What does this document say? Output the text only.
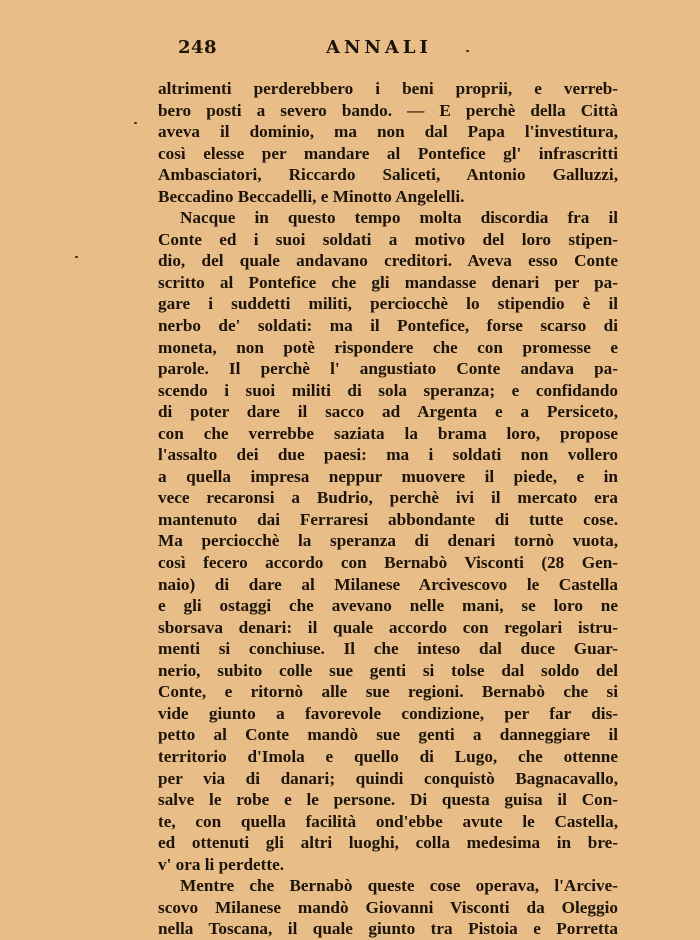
248	ANNALI
altrimenti perderebbero i beni proprii, e verreb-
bero posti a severo bando. — E perchè della Città
aveva il dominio, ma non dal Papa l'investitura,
così elesse per mandare al Pontefice gl' infrascritti
Ambasciatori, Riccardo Saliceti, Antonio Galluzzi,
Beccadino Beccadelli, e Minotto Angelelli.
Nacque in questo tempo molta discordia fra il
Conte ed i suoi soldati a motivo del loro stipen-
dio, del quale andavano creditori. Aveva esso Conte
scritto al Pontefice che gli mandasse denari per pa-
gare i suddetti militi, perciocchè lo stipendio è il
nerbo de' soldati: ma il Pontefice, forse scarso di
moneta, non potè rispondere che con promesse e
parole. Il perchè l' angustiato Conte andava pa-
scendo i suoi militi di sola speranza; e confidando
di poter dare il sacco ad Argenta e a Persiceto,
con che verrebbe saziata la brama loro, propose
l'assalto dei due paesi: ma i soldati non vollero
a quella impresa neppur muovere il piede, e in
vece recaronsi a Budrio, perchè ivi il mercato era
mantenuto dai Ferraresi abbondante di tutte cose.
Ma perciocchè la speranza di denari tornò vuota,
così fecero accordo con Bernabò Visconti (28 Gen-
naio) di dare al Milanese Arcivescovo le Castella
e gli ostaggi che avevano nelle mani, se loro ne
sborsava denari: il quale accordo con regolari istru-
menti si conchiuse. Il che inteso dal duce Guar-
nerio, subito colle sue genti si tolse dal soldo del
Conte, e ritornò alle sue regioni. Bernabò che si
vide giunto a favorevole condizione, per far dis-
petto al Conte mandò sue genti a danneggiare il
territorio d'Imola e quello di Lugo, che ottenne
per via di danari; quindi conquistò Bagnacavallo,
salve le robe e le persone. Di questa guisa il Con-
te, con quella facilità ond'ebbe avute le Castella,
ed ottenuti gli altri luoghi, colla medesima in bre-
v' ora li perdette.
Mentre che Bernabò queste cose operava, l'Arcive-
scovo Milanese mandò Giovanni Visconti da Oleggio
nella Toscana, il quale giunto tra Pistoia e Porretta
